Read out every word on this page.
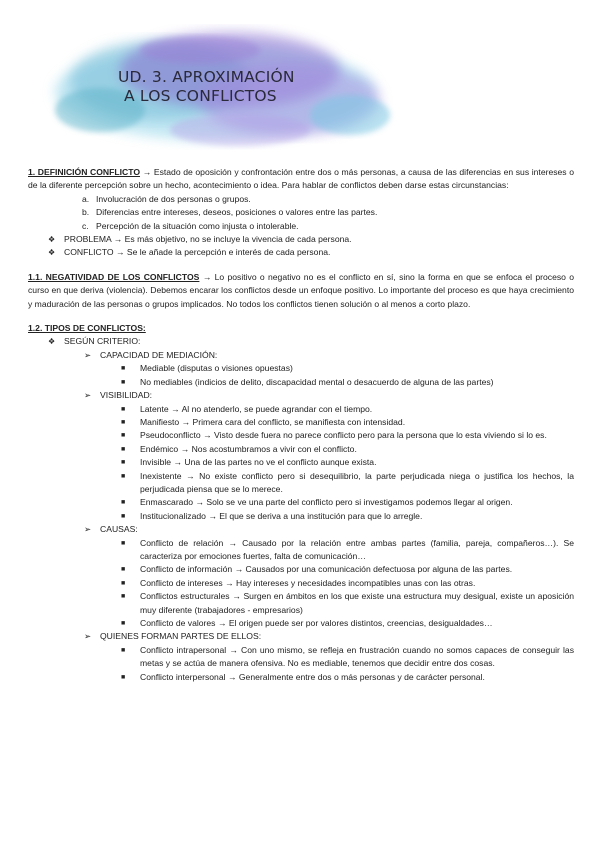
UD. 3. APROXIMACIÓN
A LOS CONFLICTOS
1. DEFINICIÓN CONFLICTO → Estado de oposición y confrontación entre dos o más personas, a causa de las diferencias en sus intereses o de la diferente percepción sobre un hecho, acontecimiento o idea. Para hablar de conflictos deben darse estas circunstancias:
a. Involucración de dos personas o grupos.
b. Diferencias entre intereses, deseos, posiciones o valores entre las partes.
c. Percepción de la situación como injusta o intolerable.
❖ PROBLEMA → Es más objetivo, no se incluye la vivencia de cada persona.
❖ CONFLICTO → Se le añade la percepción e interés de cada persona.
1.1. NEGATIVIDAD DE LOS CONFLICTOS → Lo positivo o negativo no es el conflicto en sí, sino la forma en que se enfoca el proceso o curso en que deriva (violencia). Debemos encarar los conflictos desde un enfoque positivo. Lo importante del proceso es que haya crecimiento y maduración de las personas o grupos implicados. No todos los conflictos tienen solución o al menos a corto plazo.
1.2. TIPOS DE CONFLICTOS:
❖ SEGÚN CRITERIO:
➢ CAPACIDAD DE MEDIACIÓN:
■ Mediable (disputas o visiones opuestas)
■ No mediables (indicios de delito, discapacidad mental o desacuerdo de alguna de las partes)
➢ VISIBILIDAD:
■ Latente → Al no atenderlo, se puede agrandar con el tiempo.
■ Manifiesto → Primera cara del conflicto, se manifiesta con intensidad.
■ Pseudoconflicto → Visto desde fuera no parece conflicto pero para la persona que lo esta viviendo si lo es.
■ Endémico → Nos acostumbramos a vivir con el conflicto.
■ Invisible → Una de las partes no ve el conflicto aunque exista.
■ Inexistente → No existe conflicto pero si desequilibrio, la parte perjudicada niega o justifica los hechos, la perjudicada piensa que se lo merece.
■ Enmascarado → Solo se ve una parte del conflicto pero si investigamos podemos llegar al origen.
■ Institucionalizado → El que se deriva a una institución para que lo arregle.
➢ CAUSAS:
■ Conflicto de relación → Causado por la relación entre ambas partes (familia, pareja, compañeros…). Se caracteriza por emociones fuertes, falta de comunicación…
■ Conflicto de información → Causados por una comunicación defectuosa por alguna de las partes.
■ Conflicto de intereses → Hay intereses y necesidades incompatibles unas con las otras.
■ Conflictos estructurales → Surgen en ámbitos en los que existe una estructura muy desigual, existe un aposición muy diferente (trabajadores - empresarios)
■ Conflicto de valores → El origen puede ser por valores distintos, creencias, desigualdades…
➢ QUIENES FORMAN PARTES DE ELLOS:
■ Conflicto intrapersonal → Con uno mismo, se refleja en frustración cuando no somos capaces de conseguir las metas y se actúa de manera ofensiva. No es mediable, tenemos que decidir entre dos cosas.
■ Conflicto interpersonal → Generalmente entre dos o más personas y de carácter personal.
